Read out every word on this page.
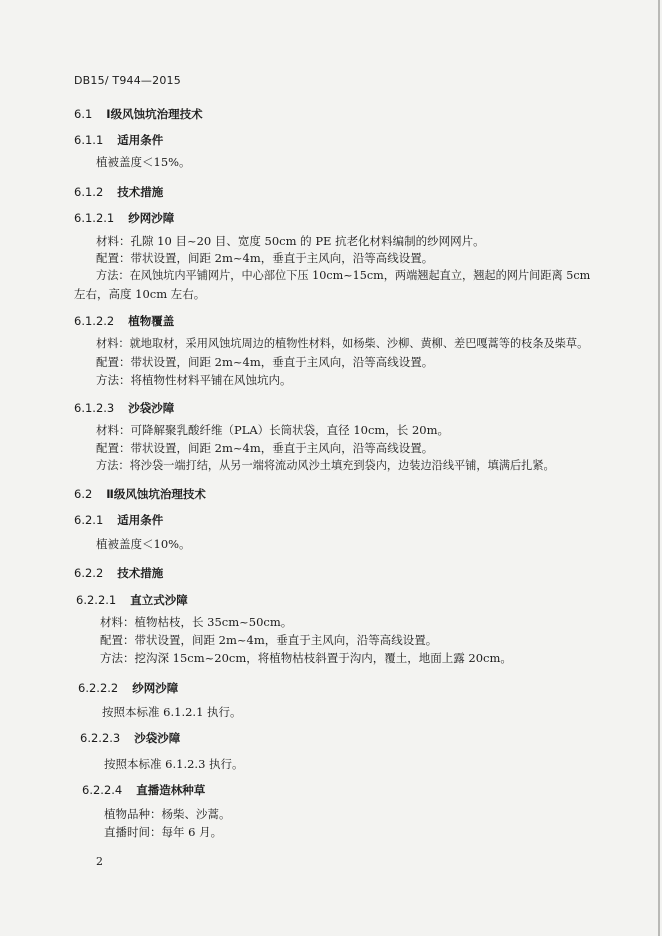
DB15/ T944—2015
6.1 Ⅰ级风蚀坑治理技术
6.1.1 适用条件
植被盖度＜15%。
6.1.2 技术措施
6.1.2.1 纱网沙障
材料：孔隙 10 目~20 目、宽度 50cm 的 PE 抗老化材料编制的纱网网片。
配置：带状设置，间距 2m~4m，垂直于主风向，沿等高线设置。
方法：在风蚀坑内平铺网片，中心部位下压 10cm~15cm，两端翘起直立，翘起的网片间距离 5cm
左右，高度 10cm 左右。
6.1.2.2 植物覆盖
材料：就地取材，采用风蚀坑周边的植物性材料，如杨柴、沙柳、黄柳、差巴嘎蒿等的枝条及柴草。
配置：带状设置，间距 2m~4m，垂直于主风向，沿等高线设置。
方法：将植物性材料平铺在风蚀坑内。
6.1.2.3 沙袋沙障
材料：可降解聚乳酸纤维（PLA）长筒状袋，直径 10cm，长 20m。
配置：带状设置，间距 2m~4m，垂直于主风向，沿等高线设置。
方法：将沙袋一端打结，从另一端将流动风沙土填充到袋内，边装边沿线平铺，填满后扎紧。
6.2 Ⅱ级风蚀坑治理技术
6.2.1 适用条件
植被盖度＜10%。
6.2.2 技术措施
6.2.2.1 直立式沙障
材料：植物枯枝，长 35cm~50cm。
配置：带状设置，间距 2m~4m，垂直于主风向，沿等高线设置。
方法：挖沟深 15cm~20cm，将植物枯枝斜置于沟内，覆土，地面上露 20cm。
6.2.2.2 纱网沙障
按照本标准 6.1.2.1 执行。
6.2.2.3 沙袋沙障
按照本标准 6.1.2.3 执行。
6.2.2.4 直播造林种草
植物品种：杨柴、沙蒿。
直播时间：每年 6 月。
2
